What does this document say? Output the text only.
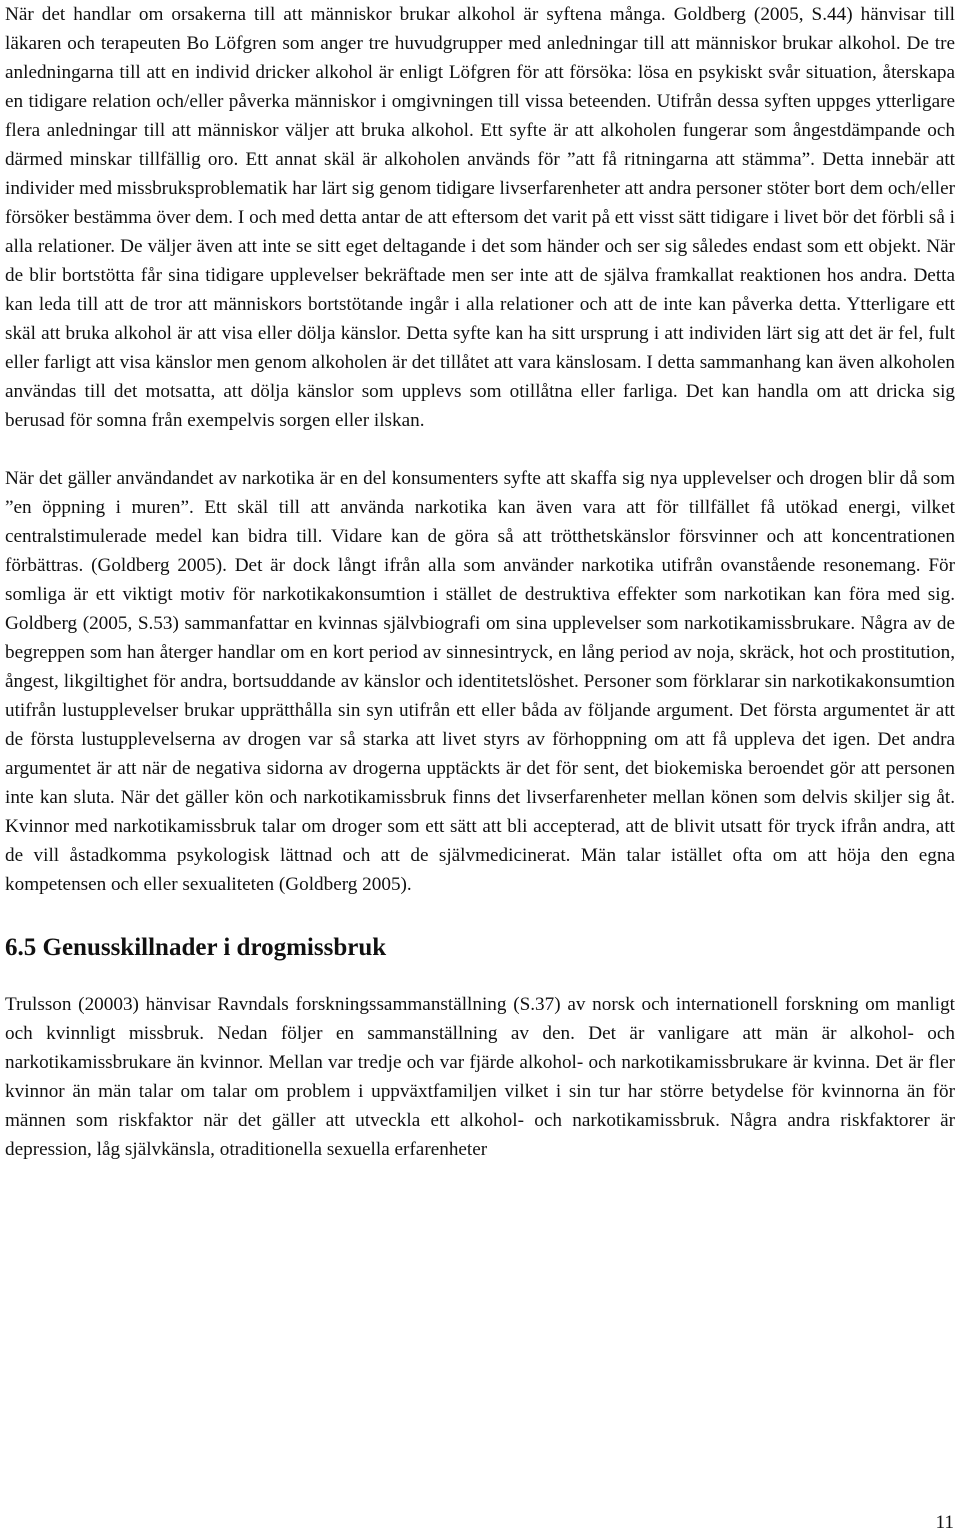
När det handlar om orsakerna till att människor brukar alkohol är syftena många. Goldberg (2005, S.44) hänvisar till läkaren och terapeuten Bo Löfgren som anger tre huvudgrupper med anledningar till att människor brukar alkohol. De tre anledningarna till att en individ dricker alkohol är enligt Löfgren för att försöka: lösa en psykiskt svår situation, återskapa en tidigare relation och/eller påverka människor i omgivningen till vissa beteenden. Utifrån dessa syften uppges ytterligare flera anledningar till att människor väljer att bruka alkohol. Ett syfte är att alkoholen fungerar som ångestdämpande och därmed minskar tillfällig oro. Ett annat skäl är alkoholen används för ”att få ritningarna att stämma”. Detta innebär att individer med missbruksproblematik har lärt sig genom tidigare livserfarenheter att andra personer stöter bort dem och/eller försöker bestämma över dem. I och med detta antar de att eftersom det varit på ett visst sätt tidigare i livet bör det förbli så i alla relationer. De väljer även att inte se sitt eget deltagande i det som händer och ser sig således endast som ett objekt. När de blir bortstötta får sina tidigare upplevelser bekräftade men ser inte att de själva framkallat reaktionen hos andra. Detta kan leda till att de tror att människors bortstötande ingår i alla relationer och att de inte kan påverka detta. Ytterligare ett skäl att bruka alkohol är att visa eller dölja känslor. Detta syfte kan ha sitt ursprung i att individen lärt sig att det är fel, fult eller farligt att visa känslor men genom alkoholen är det tillåtet att vara känslosam. I detta sammanhang kan även alkoholen användas till det motsatta, att dölja känslor som upplevs som otillåtna eller farliga. Det kan handla om att dricka sig berusad för somna från exempelvis sorgen eller ilskan.

När det gäller användandet av narkotika är en del konsumenters syfte att skaffa sig nya upplevelser och drogen blir då som ”en öppning i muren”. Ett skäl till att använda narkotika kan även vara att för tillfället få utökad energi, vilket centralstimulerade medel kan bidra till. Vidare kan de göra så att trötthetskänslor försvinner och att koncentrationen förbättras. (Goldberg 2005). Det är dock långt ifrån alla som använder narkotika utifrån ovanstående resonemang. För somliga är ett viktigt motiv för narkotikakonsumtion i stället de destruktiva effekter som narkotikan kan föra med sig. Goldberg (2005, S.53) sammanfattar en kvinnas självbiografi om sina upplevelser som narkotikamissbrukare. Några av de begreppen som han återger handlar om en kort period av sinnesintryck, en lång period av noja, skräck, hot och prostitution, ångest, likgiltighet för andra, bortsuddande av känslor och identitetslöshet. Personer som förklarar sin narkotikakonsumtion utifrån lustupplevelser brukar upprätthålla sin syn utifrån ett eller båda av följande argument. Det första argumentet är att de första lustupplevelserna av drogen var så starka att livet styrs av förhoppning om att få uppleva det igen. Det andra argumentet är att när de negativa sidorna av drogerna upptäckts är det för sent, det biokemiska beroendet gör att personen inte kan sluta. När det gäller kön och narkotikamissbruk finns det livserfarenheter mellan könen som delvis skiljer sig åt. Kvinnor med narkotikamissbruk talar om droger som ett sätt att bli accepterad, att de blivit utsatt för tryck ifrån andra, att de vill åstadkomma psykologisk lättnad och att de självmedicinerat. Män talar istället ofta om att höja den egna kompetensen och eller sexualiteten (Goldberg 2005).

6.5 Genusskillnader i drogmissbruk

Trulsson (20003) hänvisar Ravndals forskningssammanställning (S.37) av norsk och internationell forskning om manligt och kvinnligt missbruk. Nedan följer en sammanställning av den. Det är vanligare att män är alkohol- och narkotikamissbrukare än kvinnor. Mellan var tredje och var fjärde alkohol- och narkotikamissbrukare är kvinna. Det är fler kvinnor än män talar om talar om problem i uppväxtfamiljen vilket i sin tur har större betydelse för kvinnorna än för männen som riskfaktor när det gäller att utveckla ett alkohol- och narkotikamissbruk. Några andra riskfaktorer är depression, låg självkänsla, otraditionella sexuella erfarenheter

11
